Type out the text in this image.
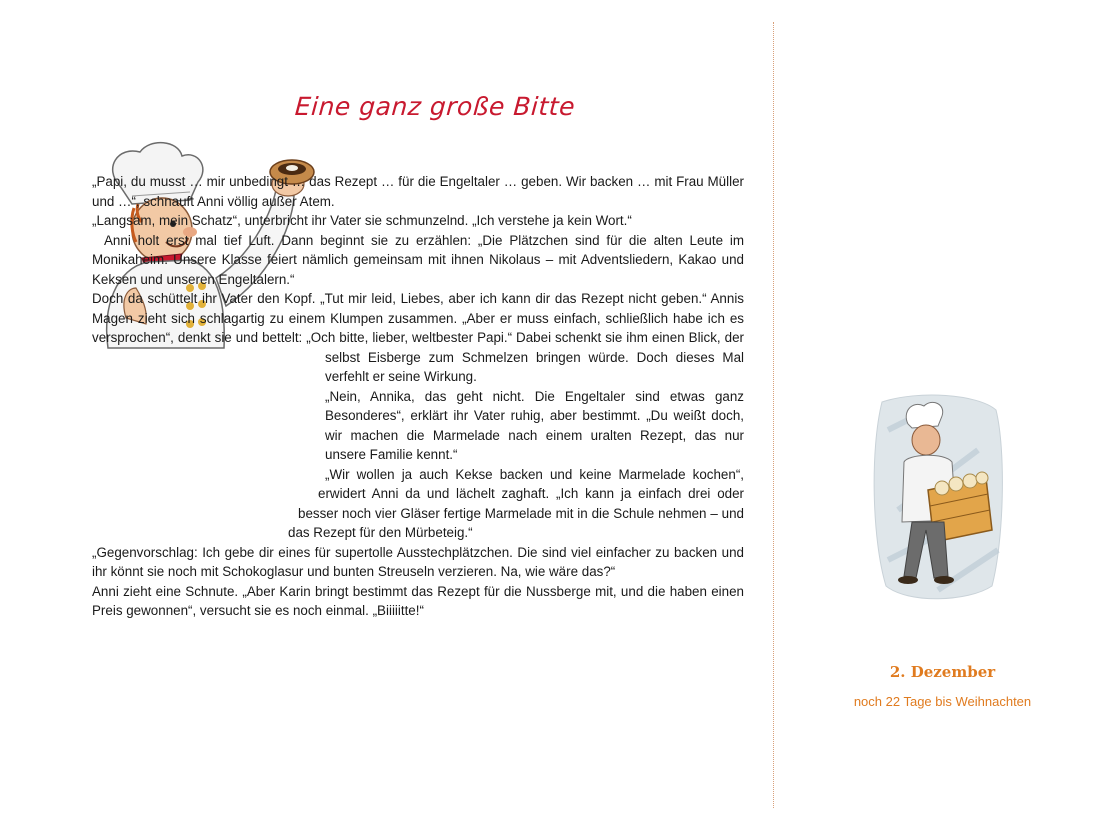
Eine ganz große Bitte

„Papi, du musst … mir unbedingt … das Rezept … für die Engeltaler … geben. Wir backen … mit Frau Müller und …“, schnauft Anni völlig außer Atem.

„Langsam, mein Schatz“, unterbricht ihr Vater sie schmunzelnd. „Ich verstehe ja kein Wort.“

Anni holt erst mal tief Luft. Dann beginnt sie zu erzählen: „Die Plätzchen sind für die alten Leute im Monikaheim. Unsere Klasse feiert nämlich gemeinsam mit ihnen Nikolaus – mit Adventsliedern, Kakao und Keksen und unseren Engeltalern.“

Doch da schüttelt ihr Vater den Kopf. „Tut mir leid, Liebes, aber ich kann dir das Rezept nicht geben.“ Annis Magen zieht sich schlagartig zu einem Klumpen zusammen. „Aber er muss einfach, schließlich habe ich es versprochen“, denkt sie und bettelt: „Och bitte, lieber, weltbester Papi.“ Dabei schenkt sie ihm einen Blick, der selbst Eisberge zum Schmelzen bringen würde. Doch dieses Mal verfehlt er seine Wirkung.

„Nein, Annika, das geht nicht. Die Engeltaler sind etwas ganz Besonderes“, erklärt ihr Vater ruhig, aber bestimmt. „Du weißt doch, wir machen die Marmelade nach einem uralten Rezept, das nur unsere Familie kennt.“

„Wir wollen ja auch Kekse backen und keine Marmelade kochen“, erwidert Anni da und lächelt zaghaft. „Ich kann ja einfach drei oder besser noch vier Gläser fertige Marmelade mit in die Schule nehmen – und das Rezept für den Mürbeteig.“

„Gegenvorschlag: Ich gebe dir eines für supertolle Ausstechplätzchen. Die sind viel einfacher zu backen und ihr könnt sie noch mit Schokoglasur und bunten Streuseln verzieren. Na, wie wäre das?“

Anni zieht eine Schnute. „Aber Karin bringt bestimmt das Rezept für die Nussberge mit, und die haben einen Preis gewonnen“, versucht sie es noch einmal. „Biiiiitte!“

2. Dezember
noch 22 Tage bis Weihnachten
